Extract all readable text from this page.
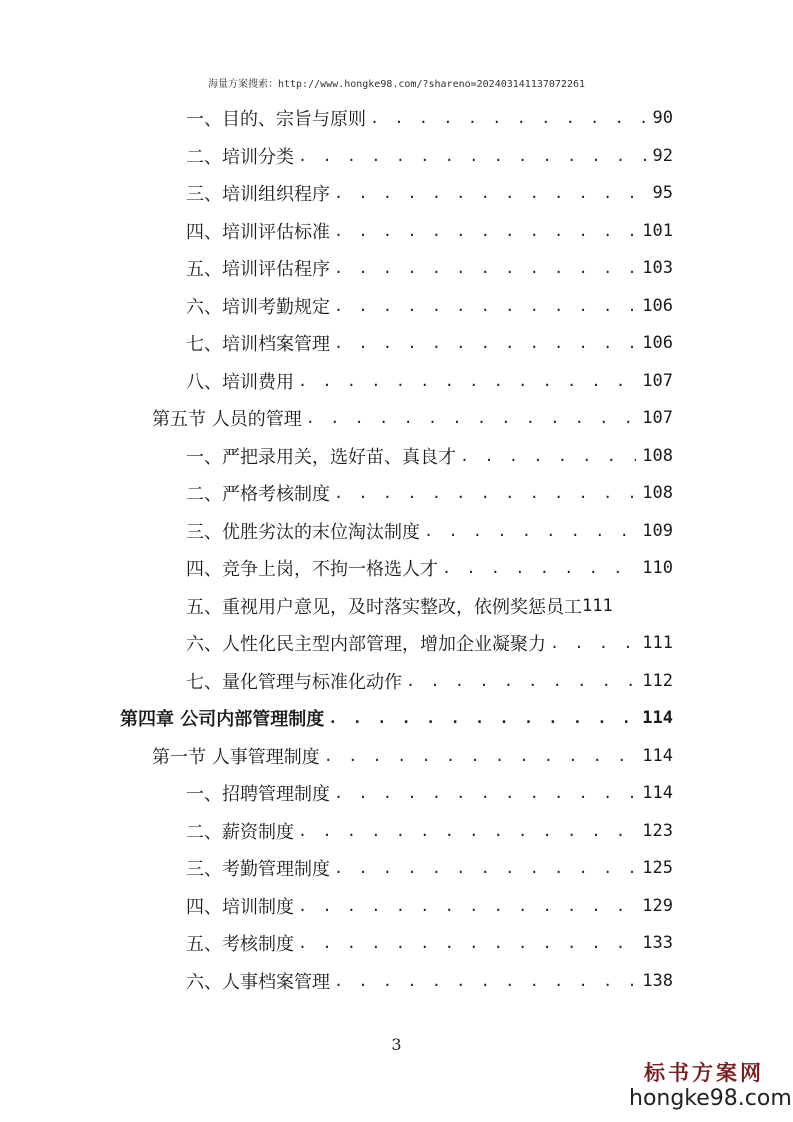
海量方案搜索：http://www.hongke98.com/?shareno=202403141137072261
一、目的、宗旨与原则 . . .	90
二、培训分类 . . .	92
三、培训组织程序 . . .	95
四、培训评估标准 . . .	101
五、培训评估程序 . . .	103
六、培训考勤规定 . . .	106
七、培训档案管理 . . .	106
八、培训费用 . . .	107
第五节 人员的管理 . . .	107
一、严把录用关，选好苗、真良才 . . .	108
二、严格考核制度 . . .	108
三、优胜劣汰的末位淘汰制度 . . .	109
四、竞争上岗，不拘一格选人才 . . .	110
五、重视用户意见，及时落实整改，依例奖惩员工 111
六、人性化民主型内部管理，增加企业凝聚力 . . .	111
七、量化管理与标准化动作 . . .	112
第四章 公司内部管理制度 . . .	114
第一节 人事管理制度 . . .	114
一、招聘管理制度 . . .	114
二、薪资制度 . . .	123
三、考勤管理制度 . . .	125
四、培训制度 . . .	129
五、考核制度 . . .	133
六、人事档案管理 . . .	138
3
标书方案网
hongke98.com
